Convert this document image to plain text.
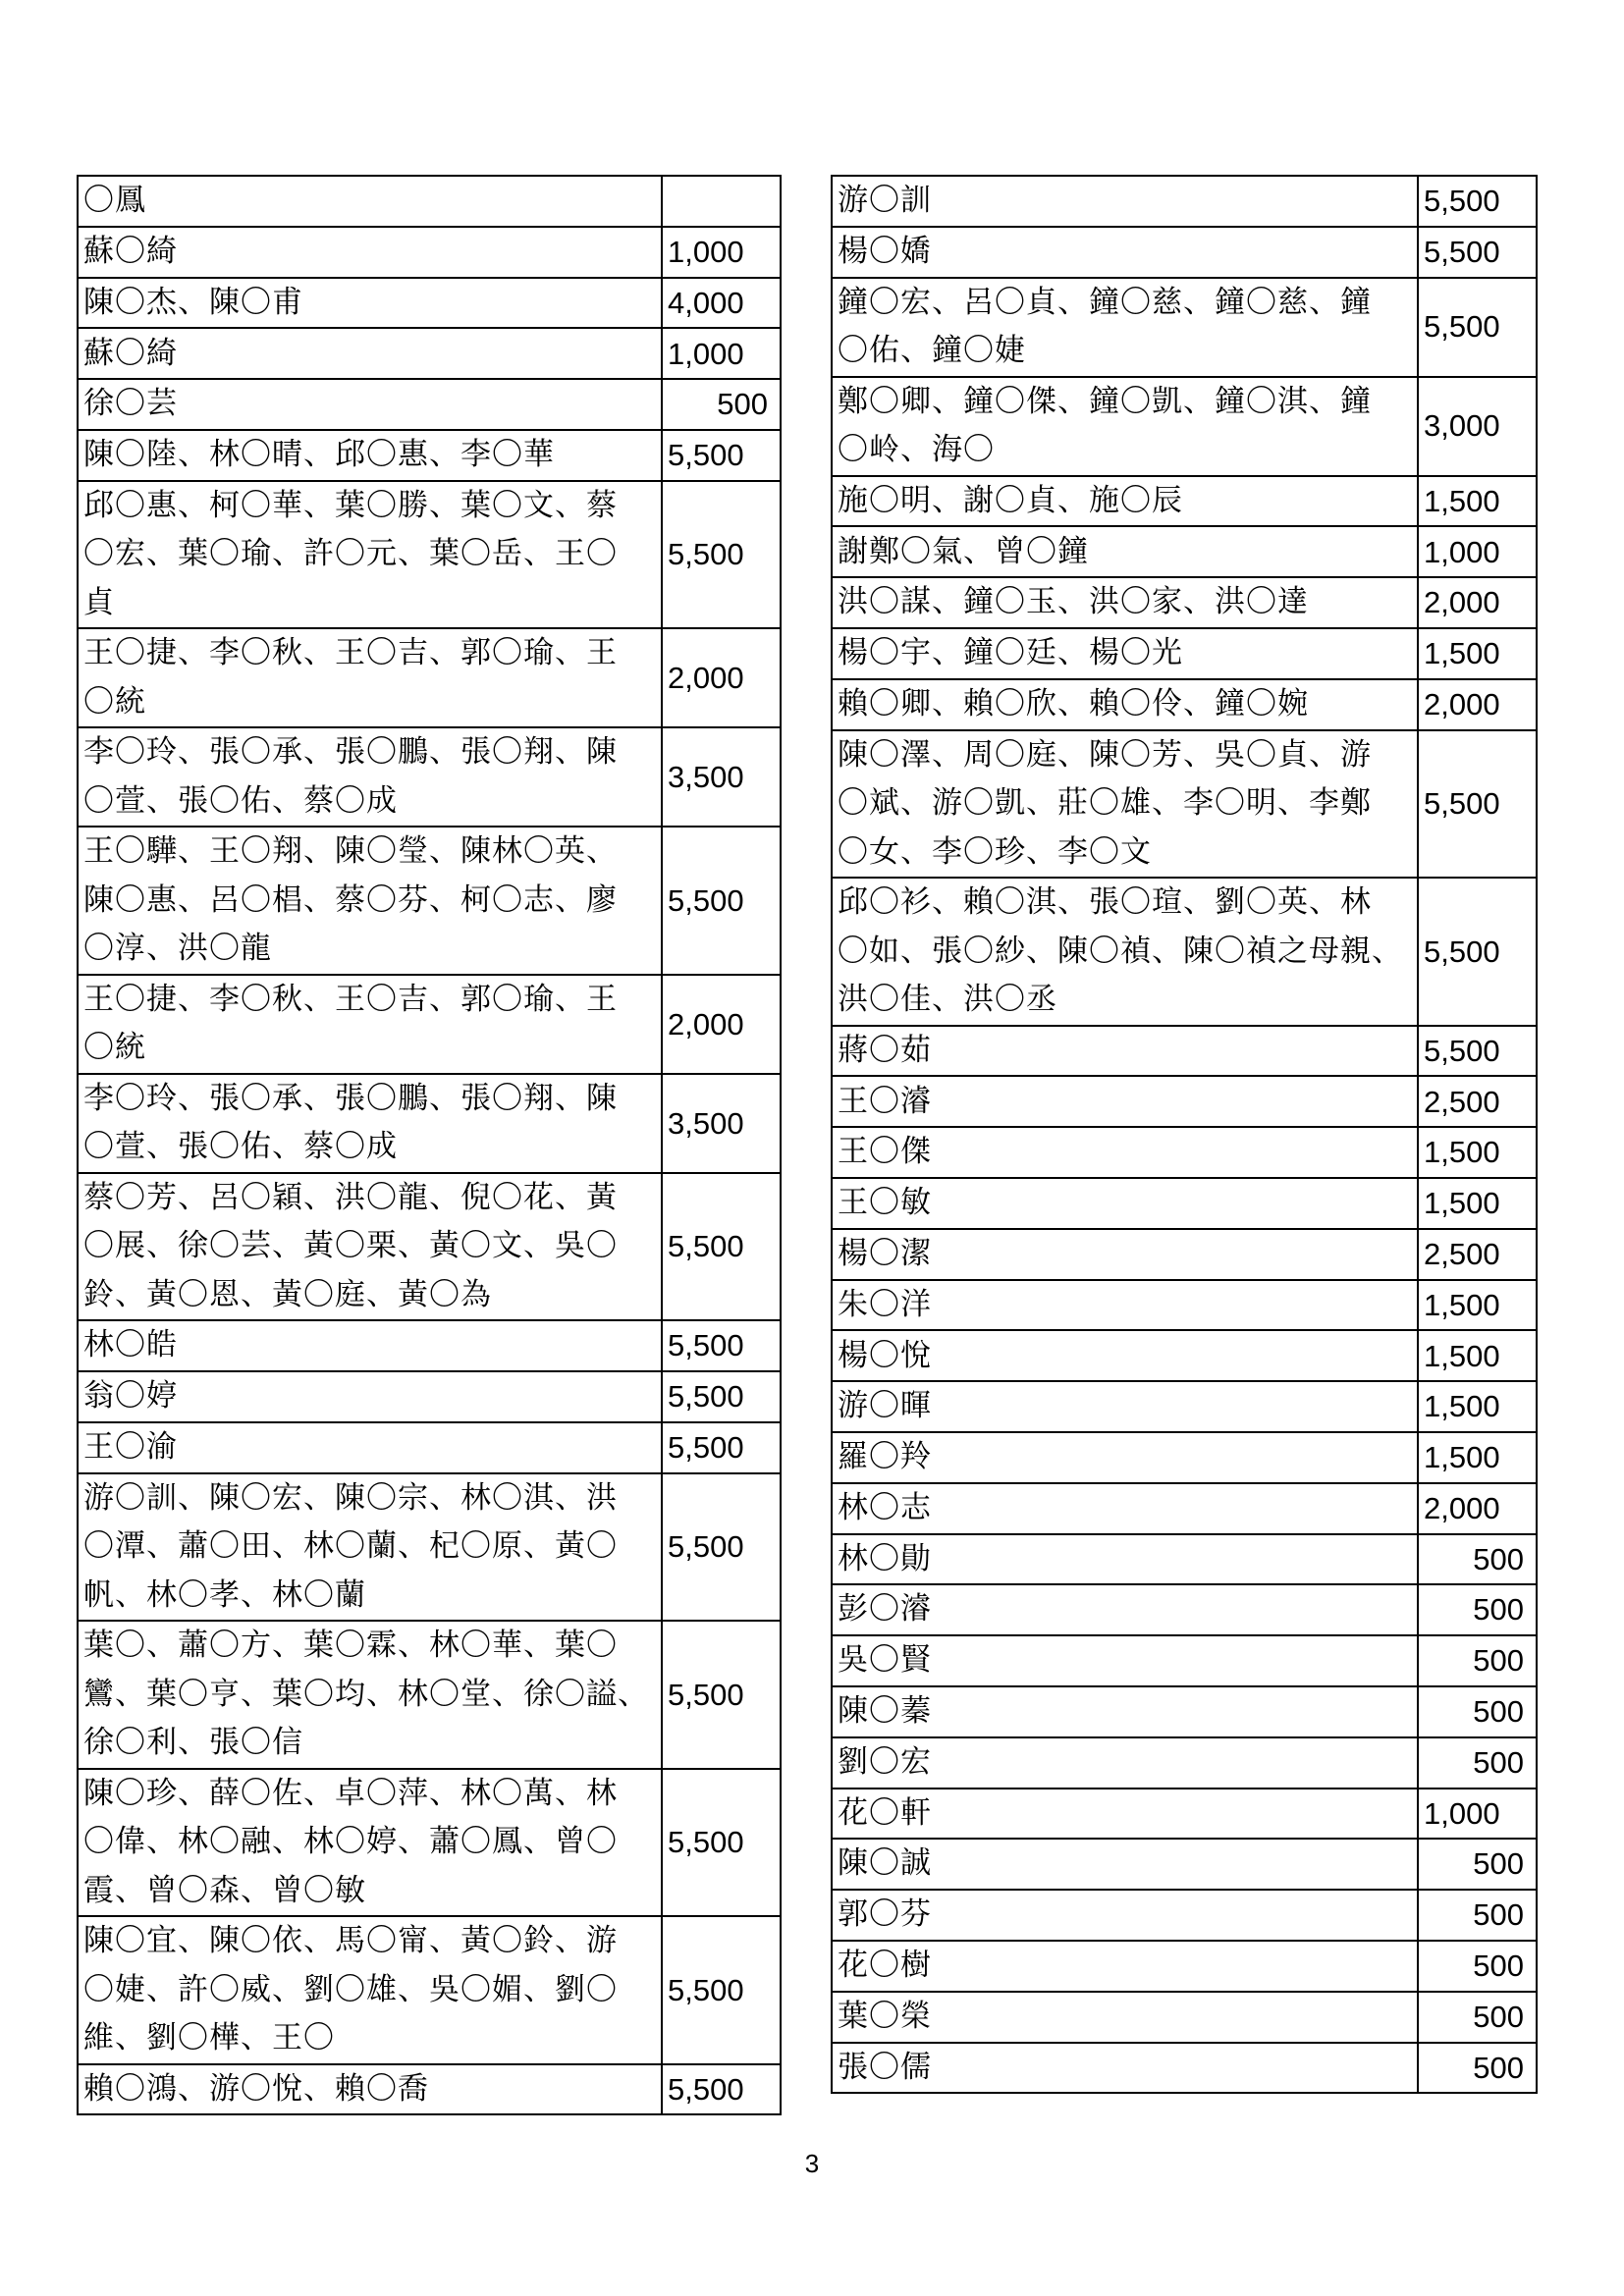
〇鳳	
蘇〇綺	1,000
陳〇杰、陳〇甫	4,000
蘇〇綺	1,000
徐〇芸	500
陳〇陸、林〇晴、邱〇惠、李〇華	5,500
邱〇惠、柯〇華、葉〇勝、葉〇文、蔡
〇宏、葉〇瑜、許〇元、葉〇岳、王〇
貞	5,500
王〇捷、李〇秋、王〇吉、郭〇瑜、王
〇統	2,000
李〇玲、張〇承、張〇鵬、張〇翔、陳
〇萱、張〇佑、蔡〇成	3,500
王〇驊、王〇翔、陳〇瑩、陳林〇英、
陳〇惠、呂〇椙、蔡〇芬、柯〇志、廖
〇淳、洪〇龍	5,500
王〇捷、李〇秋、王〇吉、郭〇瑜、王
〇統	2,000
李〇玲、張〇承、張〇鵬、張〇翔、陳
〇萱、張〇佑、蔡〇成	3,500
蔡〇芳、呂〇穎、洪〇龍、倪〇花、黃
〇展、徐〇芸、黃〇栗、黃〇文、吳〇
鈴、黃〇恩、黃〇庭、黃〇為	5,500
林〇皓	5,500
翁〇婷	5,500
王〇渝	5,500
游〇訓、陳〇宏、陳〇宗、林〇淇、洪
〇潭、蕭〇田、林〇蘭、杞〇原、黃〇
帆、林〇孝、林〇蘭	5,500
葉〇、蕭〇方、葉〇霖、林〇華、葉〇
鸞、葉〇亨、葉〇均、林〇堂、徐〇謚、
徐〇利、張〇信	5,500
陳〇珍、薛〇佐、卓〇萍、林〇萬、林
〇偉、林〇融、林〇婷、蕭〇鳳、曾〇
霞、曾〇森、曾〇敏	5,500
陳〇宜、陳〇依、馬〇甯、黃〇鈴、游
〇婕、許〇威、劉〇雄、吳〇媚、劉〇
維、劉〇樺、王〇	5,500
賴〇鴻、游〇悅、賴〇喬	5,500
游〇訓	5,500
楊〇嬌	5,500
鐘〇宏、呂〇貞、鐘〇慈、鐘〇慈、鐘
〇佑、鐘〇婕	5,500
鄭〇卿、鐘〇傑、鐘〇凱、鐘〇淇、鐘
〇岭、海〇	3,000
施〇明、謝〇貞、施〇辰	1,500
謝鄭〇氣、曾〇鐘	1,000
洪〇謀、鐘〇玉、洪〇家、洪〇達	2,000
楊〇宇、鐘〇廷、楊〇光	1,500
賴〇卿、賴〇欣、賴〇伶、鐘〇婉	2,000
陳〇澤、周〇庭、陳〇芳、吳〇貞、游
〇斌、游〇凱、莊〇雄、李〇明、李鄭
〇女、李〇珍、李〇文	5,500
邱〇衫、賴〇淇、張〇瑄、劉〇英、林
〇如、張〇紗、陳〇禎、陳〇禎之母親、
洪〇佳、洪〇丞	5,500
蔣〇茹	5,500
王〇濬	2,500
王〇傑	1,500
王〇敏	1,500
楊〇潔	2,500
朱〇洋	1,500
楊〇悅	1,500
游〇暉	1,500
羅〇羚	1,500
林〇志	2,000
林〇勛	500
彭〇濬	500
吳〇賢	500
陳〇蓁	500
劉〇宏	500
花〇軒	1,000
陳〇誠	500
郭〇芬	500
花〇樹	500
葉〇榮	500
張〇儒	500
3
